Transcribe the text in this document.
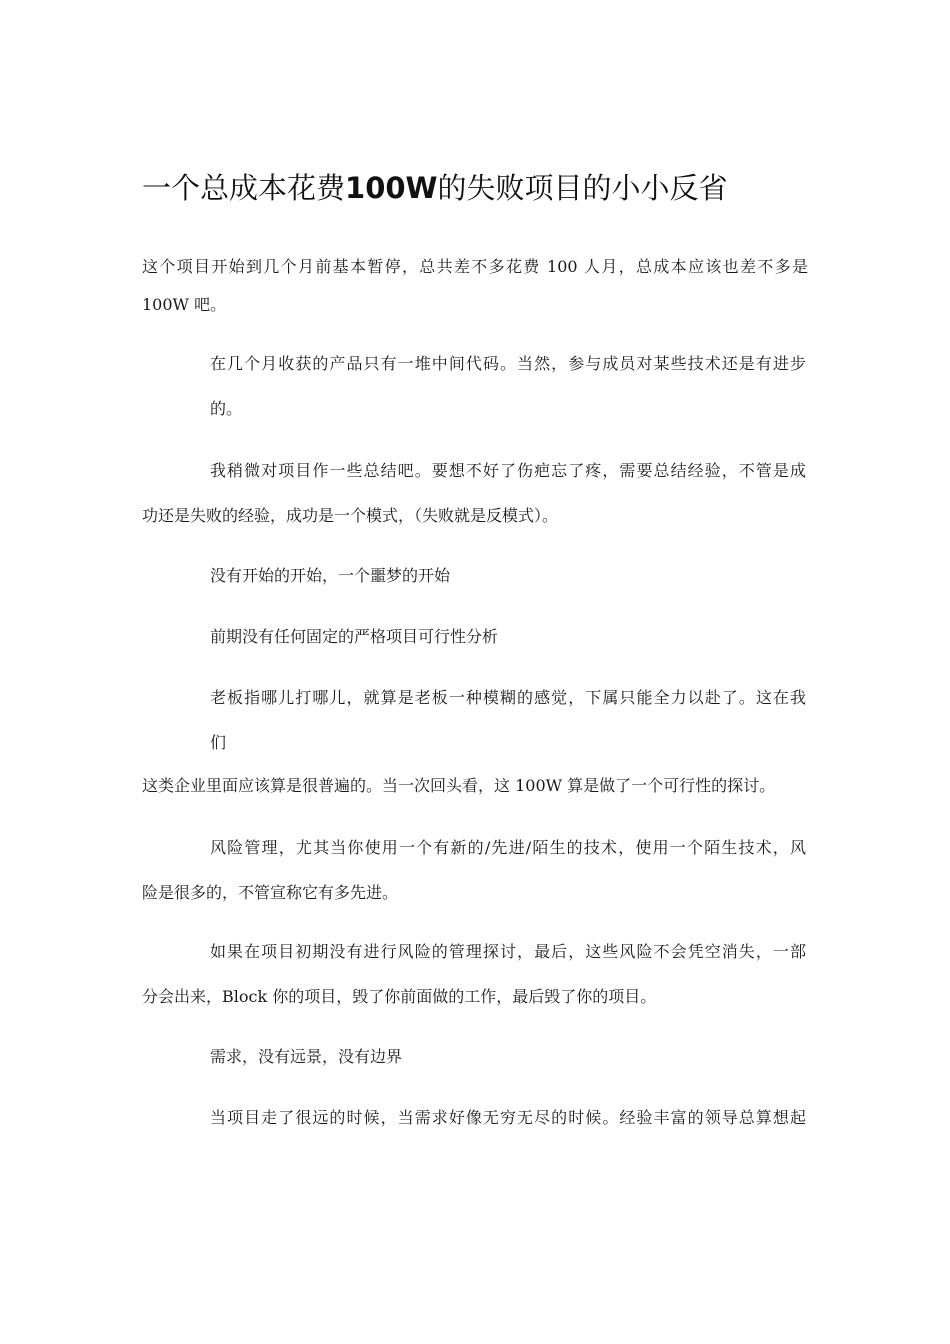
一个总成本花费100W的失败项目的小小反省
这个项目开始到几个月前基本暂停，总共差不多花费 100 人月，总成本应该也差不多是
100W 吧。
在几个月收获的产品只有一堆中间代码。当然，参与成员对某些技术还是有进步
的。
我稍微对项目作一些总结吧。要想不好了伤疤忘了疼，需要总结经验，不管是成
功还是失败的经验，成功是一个模式，（失败就是反模式）。
没有开始的开始，一个噩梦的开始
前期没有任何固定的严格项目可行性分析
老板指哪儿打哪儿，就算是老板一种模糊的感觉，下属只能全力以赴了。这在我
们
这类企业里面应该算是很普遍的。当一次回头看，这 100W 算是做了一个可行性的探讨。
风险管理，尤其当你使用一个有新的/先进/陌生的技术，使用一个陌生技术，风
险是很多的，不管宣称它有多先进。
如果在项目初期没有进行风险的管理探讨，最后，这些风险不会凭空消失，一部
分会出来，Block 你的项目，毁了你前面做的工作，最后毁了你的项目。
需求，没有远景，没有边界
当项目走了很远的时候，当需求好像无穷无尽的时候。经验丰富的领导总算想起
